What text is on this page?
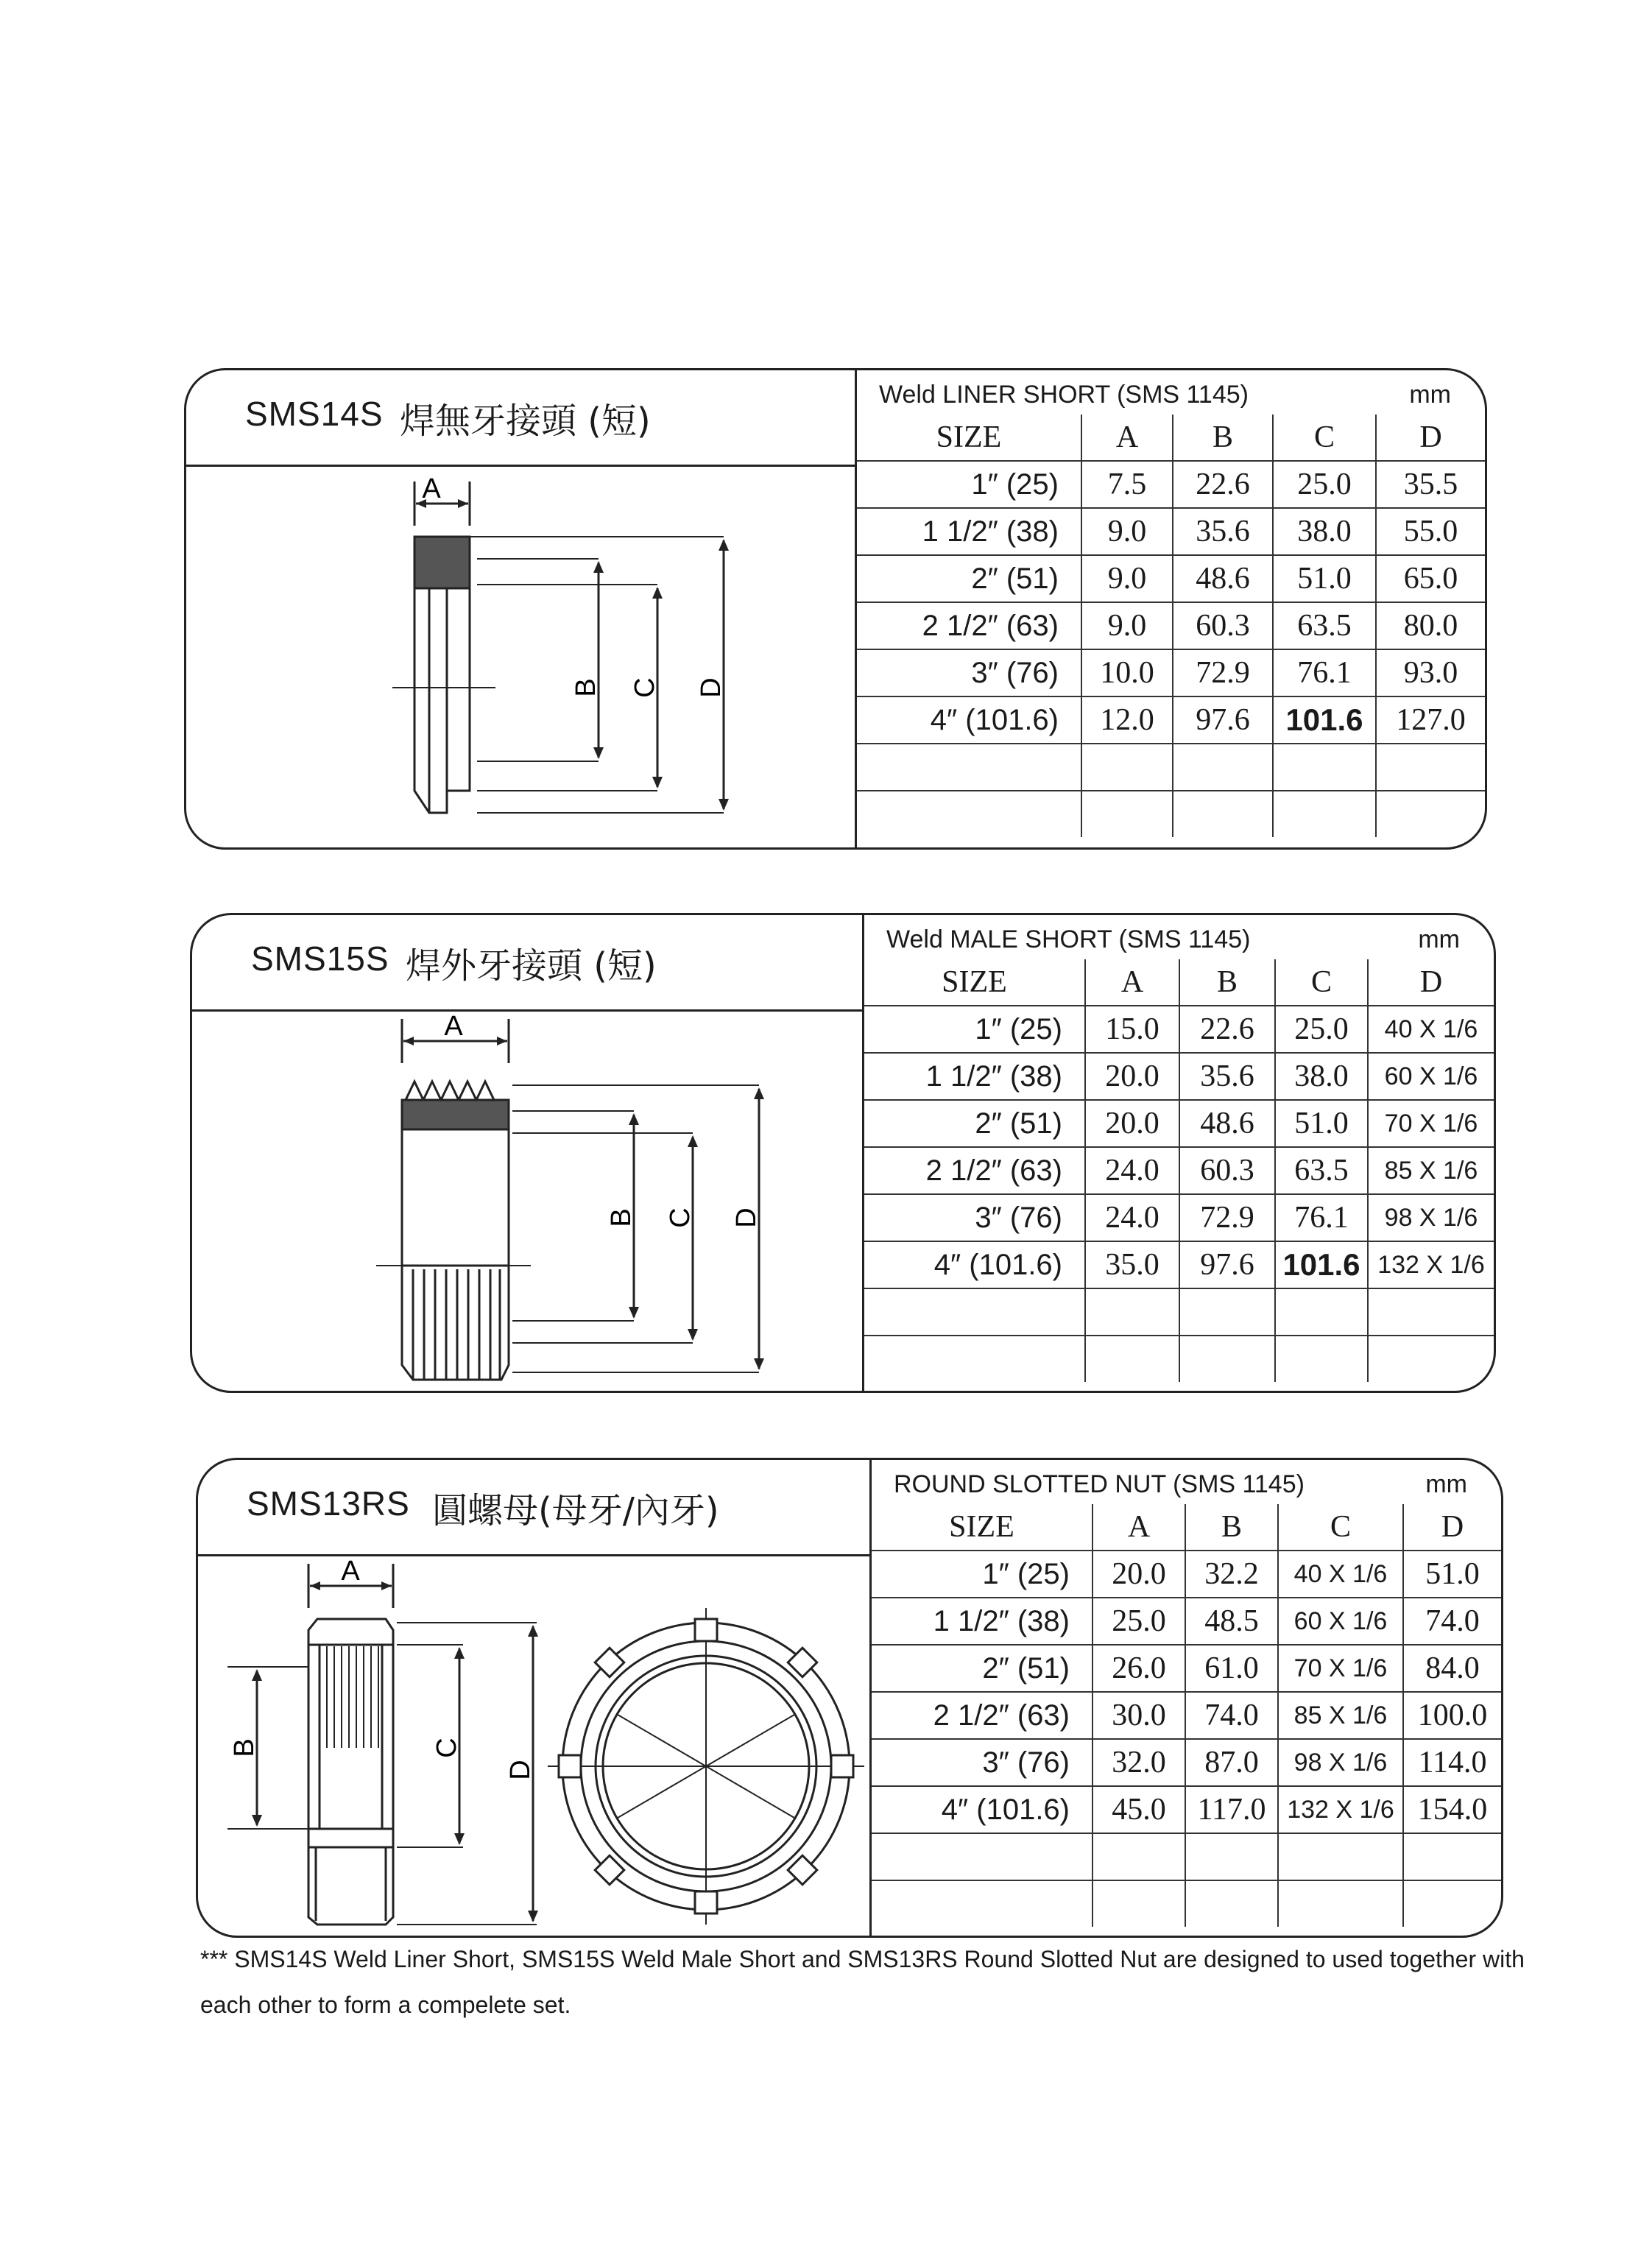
SMS14S 焊無牙接頭 (短)
A
B C D
Weld LINER SHORT (SMS 1145)	mm
SIZE	A	B	C	D
1″ (25)	7.5	22.6	25.0	35.5
1 1/2″ (38)	9.0	35.6	38.0	55.0
2″ (51)	9.0	48.6	51.0	65.0
2 1/2″ (63)	9.0	60.3	63.5	80.0
3″ (76)	10.0	72.9	76.1	93.0
4″ (101.6)	12.0	97.6	101.6	127.0

SMS15S 焊外牙接頭 (短)
A
B C D
Weld MALE SHORT (SMS 1145)	mm
SIZE	A	B	C	D
1″ (25)	15.0	22.6	25.0	40 X 1/6
1 1/2″ (38)	20.0	35.6	38.0	60 X 1/6
2″ (51)	20.0	48.6	51.0	70 X 1/6
2 1/2″ (63)	24.0	60.3	63.5	85 X 1/6
3″ (76)	24.0	72.9	76.1	98 X 1/6
4″ (101.6)	35.0	97.6	101.6	132 X 1/6

SMS13RS 圓螺母(母牙/內牙)
A
B	C
D
ROUND SLOTTED NUT (SMS 1145)	mm
SIZE	A	B	C	D
1″ (25)	20.0	32.2	40 X 1/6	51.0
1 1/2″ (38)	25.0	48.5	60 X 1/6	74.0
2″ (51)	26.0	61.0	70 X 1/6	84.0
2 1/2″ (63)	30.0	74.0	85 X 1/6	100.0
3″ (76)	32.0	87.0	98 X 1/6	114.0
4″ (101.6)	45.0	117.0	132 X 1/6	154.0

*** SMS14S Weld Liner Short, SMS15S Weld Male Short and SMS13RS Round Slotted Nut are designed to used together with each other to form a compelete set.
